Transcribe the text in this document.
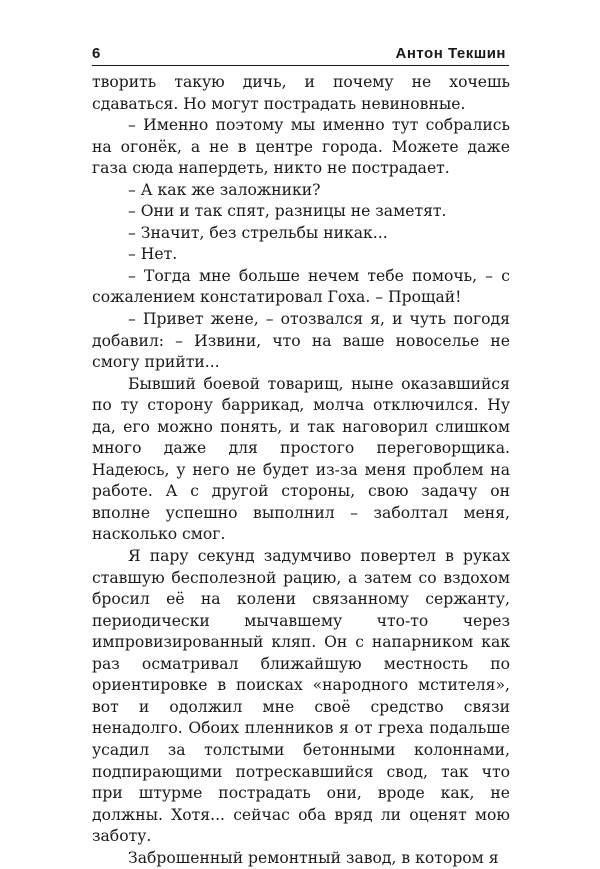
6	Антон Текшин

творить такую дичь, и почему не хочешь сдаваться. Но могут пострадать невиновные.

– Именно поэтому мы именно тут собрались на огонёк, а не в центре города. Можете даже газа сюда напердеть, никто не пострадает.

– А как же заложники?

– Они и так спят, разницы не заметят.

– Значит, без стрельбы никак...

– Нет.

– Тогда мне больше нечем тебе помочь, – с сожалением констатировал Гоха. – Прощай!

– Привет жене, – отозвался я, и чуть погодя добавил: – Извини, что на ваше новоселье не смогу прийти...

Бывший боевой товарищ, ныне оказавшийся по ту сторону баррикад, молча отключился. Ну да, его можно понять, и так наговорил слишком много даже для простого переговорщика. Надеюсь, у него не будет из-за меня проблем на работе. А с другой стороны, свою задачу он вполне успешно выполнил – заболтал меня, насколько смог.

Я пару секунд задумчиво повертел в руках ставшую бесполезной рацию, а затем со вздохом бросил её на колени связанному сержанту, периодически мычавшему что-то через импровизированный кляп. Он с напарником как раз осматривал ближайшую местность по ориентировке в поисках «народного мстителя», вот и одолжил мне своё средство связи ненадолго. Обоих пленников я от греха подальше усадил за толстыми бетонными колоннами, подпирающими потрескавшийся свод, так что при штурме пострадать они, вроде как, не должны. Хотя... сейчас оба вряд ли оценят мою заботу.

Заброшенный ремонтный завод, в котором я
